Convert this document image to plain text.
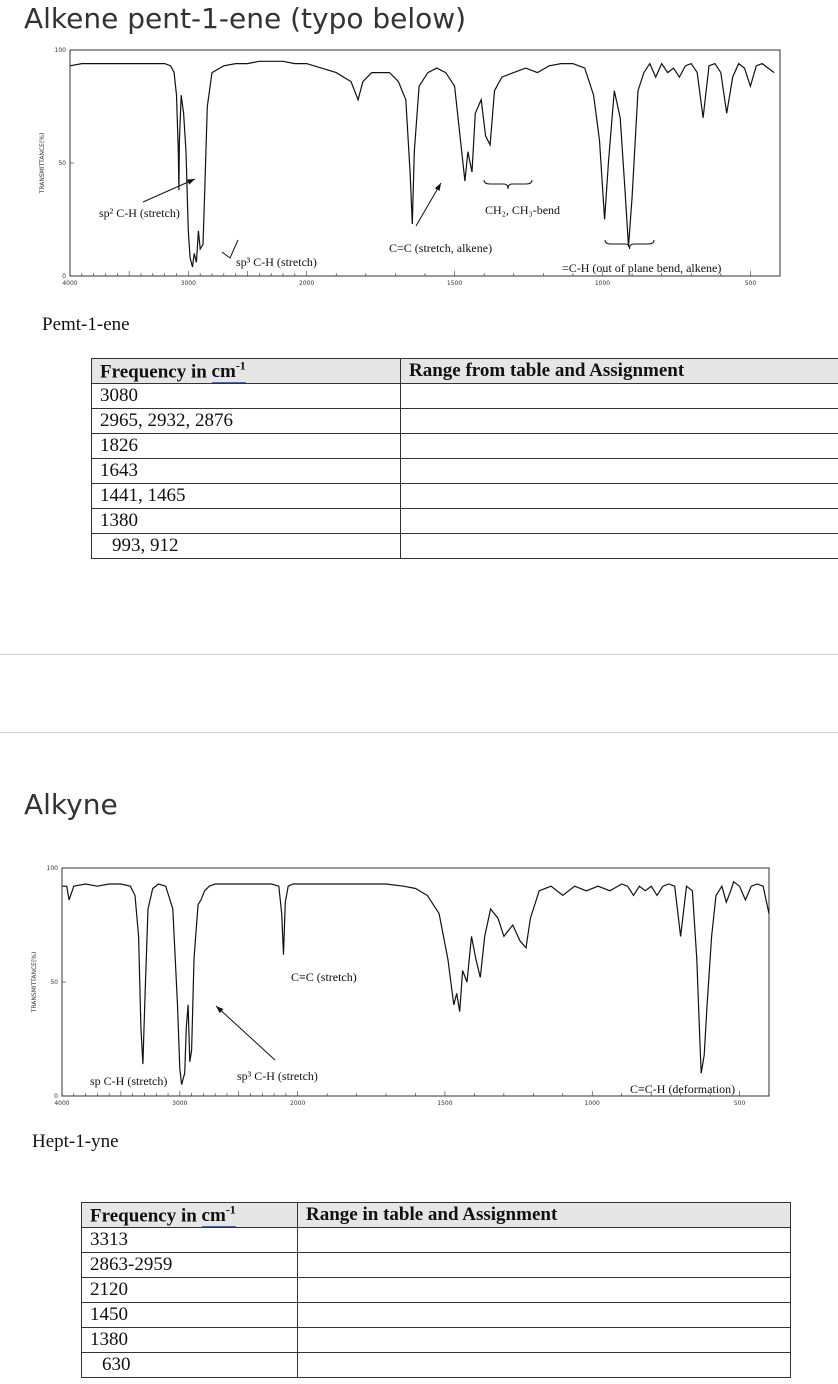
Alkene pent-1-ene (typo below)
4000	3000	2000	1500	1000	500
100
50
0
TRANSMITTANCE(%)
sp² C-H (stretch)
sp³ C-H (stretch)
C=C (stretch, alkene)
CH₂, CH₃-bend
=C-H (out of plane bend, alkene)
Pemt-1-ene
Frequency in $cm^{-1}$	Range from table and Assignment
3080	
2965, 2932, 2876	
1826	
1643	
1441, 1465	
1380	
993, 912	
Alkyne
4000	3000	2000	1500	1000	500
100
50
0
TRANSMITTANCE(%)
sp C-H (stretch)	sp³ C-H (stretch)
C≡C (stretch)
C≡C-H (deformation)
Hept-1-yne
Frequency in $cm^{-1}$	Range in table and Assignment
3313	
2863-2959	
2120	
1450	
1380	
630	
